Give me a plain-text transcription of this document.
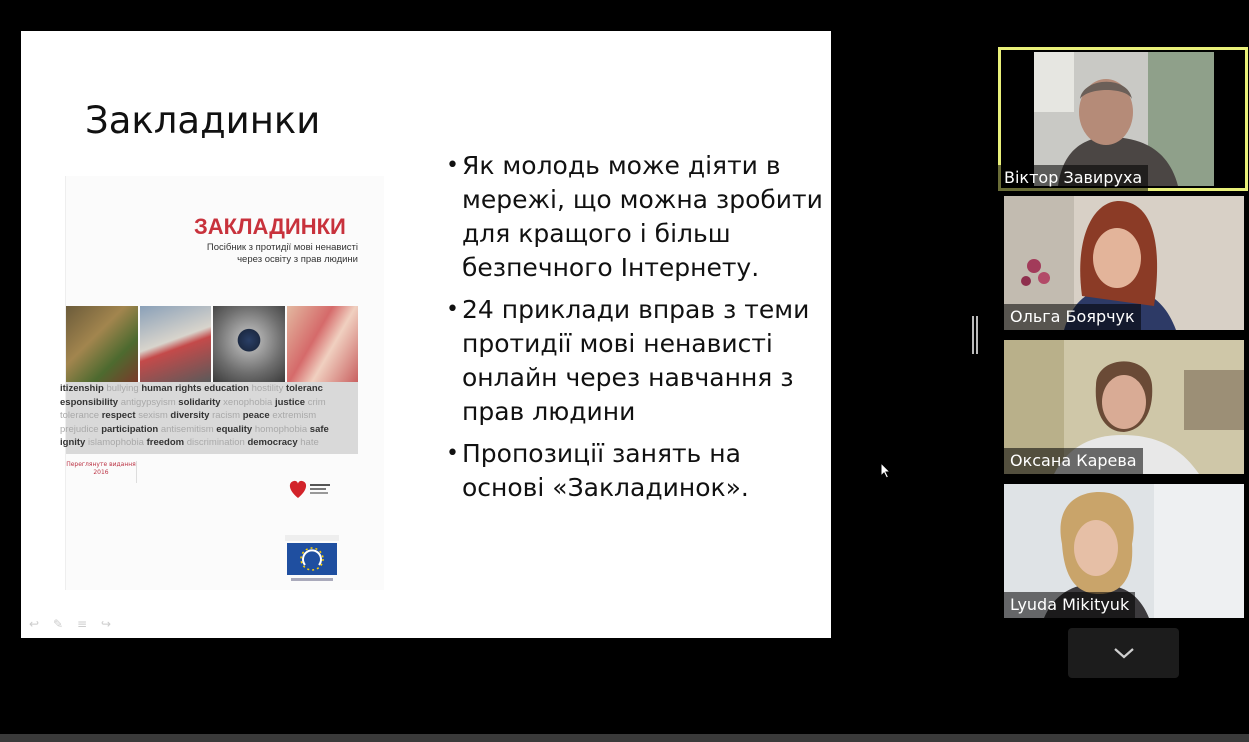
Закладинки
ЗАКЛАДИНКИ
Посібник з протидії мові ненависті через освіту з прав людини
itizenship bullying human rights education hostility toleranc
esponsibility antigypsyism solidarity xenophobia justice crim
tolerance respect sexism diversity racism peace extremism
prejudice participation antisemitism equality homophobia safe
ignity islamophobia freedom discrimination democracy hate
Переглянуте видання 2016
• Як молодь може діяти в мережі, що можна зробити для кращого і більш безпечного Інтернету.
• 24 приклади вправ з теми протидії мові ненависті онлайн через навчання з прав людини
• Пропозиції занять на основі «Закладинок».
↩	✎	≡	↪
Віктор Завируха
Ольга Боярчук
Оксана Карева
Lyuda Mikityuk
